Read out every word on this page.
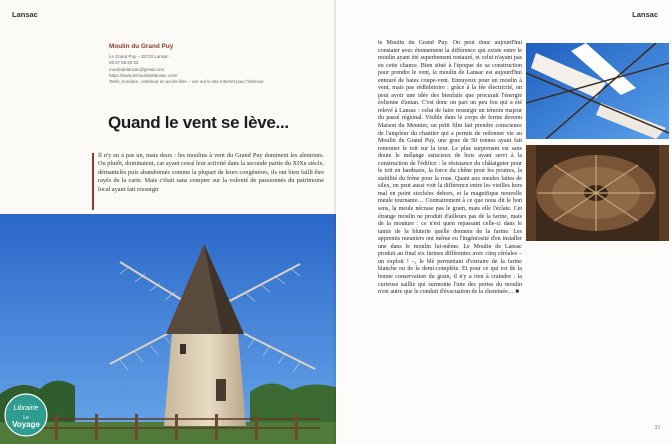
Lansac
Moulin du Grand Puy
Le Grand Puy – 33710 Lansac
05 57 68 40 33
moulindelansac@gmail.com
https://www.lemoulindelansac.com/
Tarifs, horaires : extérieur en accès libre – voir sur le site Internet pour l'intérieur
Quand le vent se lève...
Il n'y en a pas un, mais deux : les moulins à vent du Grand Puy dominent les alentours. Ou plutôt, dominaient, car ayant cessé leur activité dans la seconde partie du XIXe siècle, démantelés puis abandonnés comme la plupart de leurs congénères, ils ont bien failli être rayés de la carte. Mais c'était sans compter sur la volonté de passionnés du patrimoine local ayant fait ressurgir
Librairie
Le
Voyage
Lansac
le Moulin du Grand Puy. On peut donc aujourd'hui constater avec étonnement la différence qui existe entre le moulin ayant été superbement restauré, et celui n'ayant pas eu cette chance. Bien situé à l'époque de sa construction pour prendre le vent, le moulin de Lansac est aujourd'hui entouré de haies coupe-vent. Ennuyeux pour un moulin à vent, mais pas rédhibitoire : grâce à la fée électricité, on peut avoir une idée des bienfaits que procurait l'énergie éolienne d'antan. C'est donc un pari un peu fou qui a été relevé à Lansac : celui de faire ressurgir un témoin majeur du passé régional. Visible dans le corps de ferme devenu Maison du Meunier, un petit film fait prendre conscience de l'ampleur du chantier qui a permis de redonner vie au Moulin du Grand Puy, une grue de 50 tonnes ayant fait remonter le toit sur la tour. Le plus surprenant est sans doute le mélange astucieux de bois ayant servi à la construction de l'édifice : la résistance du châtaignier pour le toit en bardeaux, la force du chêne pour les poutres, la stabilité du frêne pour la roue. Quant aux meules faites de silex, on peut aussi voir la différence entre les vieilles hors mal en point stockées dehors, et la magnifique nouvelle meule tournante… Contrairement à ce que nous dit le bon sens, la meule nécrase pas le grain, mais elle l'éclate. Cet étrange moulin ne produit d'ailleurs pas de la farine, mais de la mouture : ce n'est quen repassant celle-ci dans le tamis de la bluterie quelle donnera de la farine. Les apprentis meuniers ont même eu l'ingéniosité d'en installer une dans le moulin lui-même. Le Moulin de Lansac produit au final six farines différentes avec cinq céréales – un exploit ! –, le blé permettant d'extraire de la farine blanche ou de la demi-complète. Et pour ce qui est de la bonne conservation du grain, il n'y a rien à craindre : la curieuse saillie qui surmonte l'une des portes du moulin n'est autre que le conduit d'évacuation de la cheminée… ■
33
